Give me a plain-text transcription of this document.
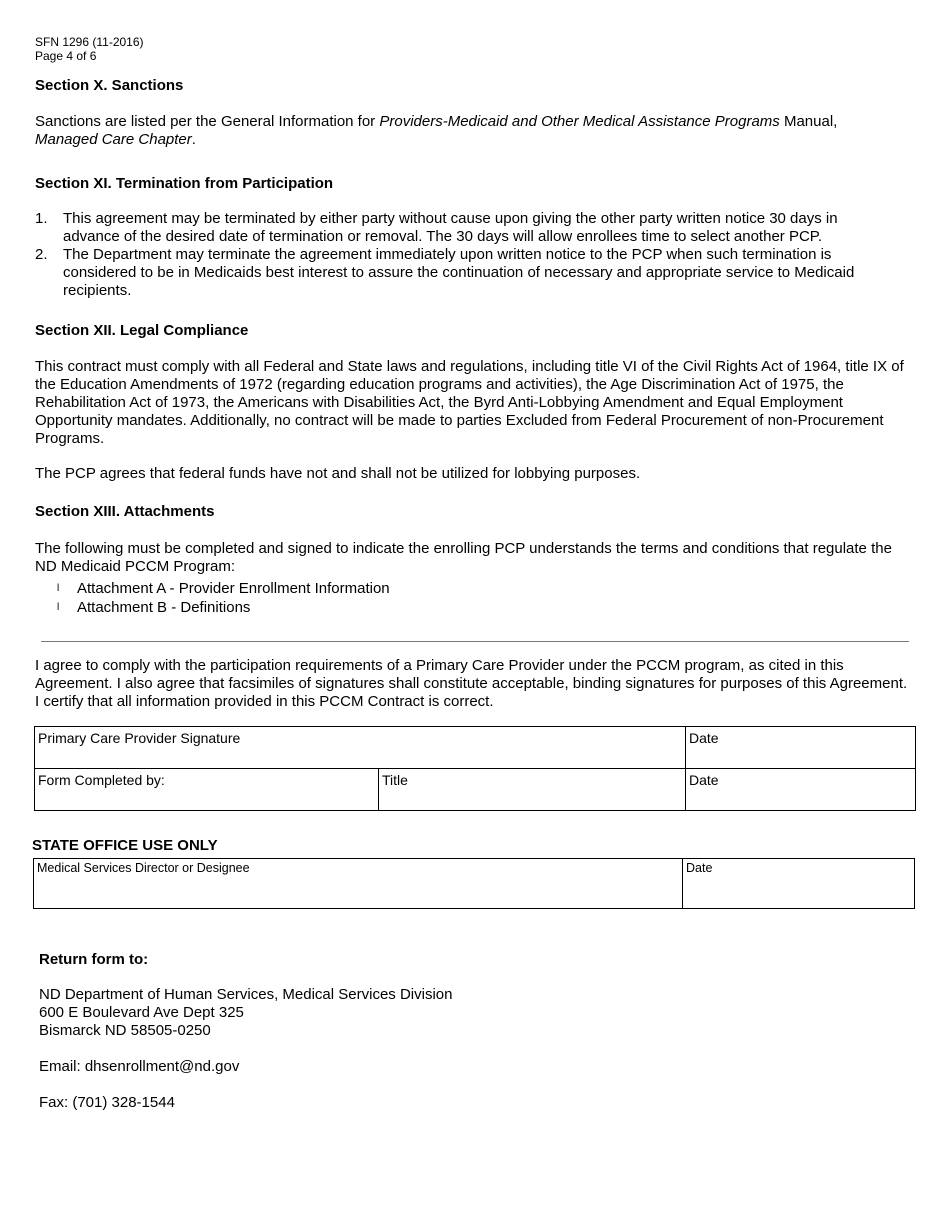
SFN 1296 (11-2016)
Page 4 of 6
Section X. Sanctions
Sanctions are listed per the General Information for Providers-Medicaid and Other Medical Assistance Programs Manual,
Managed Care Chapter.
Section XI. Termination from Participation
1.	This agreement may be terminated by either party without cause upon giving the other party written notice 30 days in advance of the desired date of termination or removal. The 30 days will allow enrollees time to select another PCP.
2.	The Department may terminate the agreement immediately upon written notice to the PCP when such termination is considered to be in Medicaids best interest to assure the continuation of necessary and appropriate service to Medicaid recipients.
Section XII. Legal Compliance
This contract must comply with all Federal and State laws and regulations, including title VI of the Civil Rights Act of 1964, title IX of the Education Amendments of 1972 (regarding education programs and activities), the Age Discrimination Act of 1975, the Rehabilitation Act of 1973, the Americans with Disabilities Act, the Byrd Anti-Lobbying Amendment and Equal Employment Opportunity mandates. Additionally, no contract will be made to parties Excluded from Federal Procurement of non-Procurement Programs.
The PCP agrees that federal funds have not and shall not be utilized for lobbying purposes.
Section XIII. Attachments
The following must be completed and signed to indicate the enrolling PCP understands the terms and conditions that regulate the ND Medicaid PCCM Program:
l Attachment A - Provider Enrollment Information
l Attachment B - Definitions
I agree to comply with the participation requirements of a Primary Care Provider under the PCCM program, as cited in this Agreement. I also agree that facsimiles of signatures shall constitute acceptable, binding signatures for purposes of this Agreement. I certify that all information provided in this PCCM Contract is correct.
Primary Care Provider Signature		Date
Form Completed by:	Title	Date
STATE OFFICE USE ONLY
Medical Services Director or Designee	Date
Return form to:
ND Department of Human Services, Medical Services Division
600 E Boulevard Ave Dept 325
Bismarck ND 58505-0250
Email: dhsenrollment@nd.gov
Fax: (701) 328-1544
